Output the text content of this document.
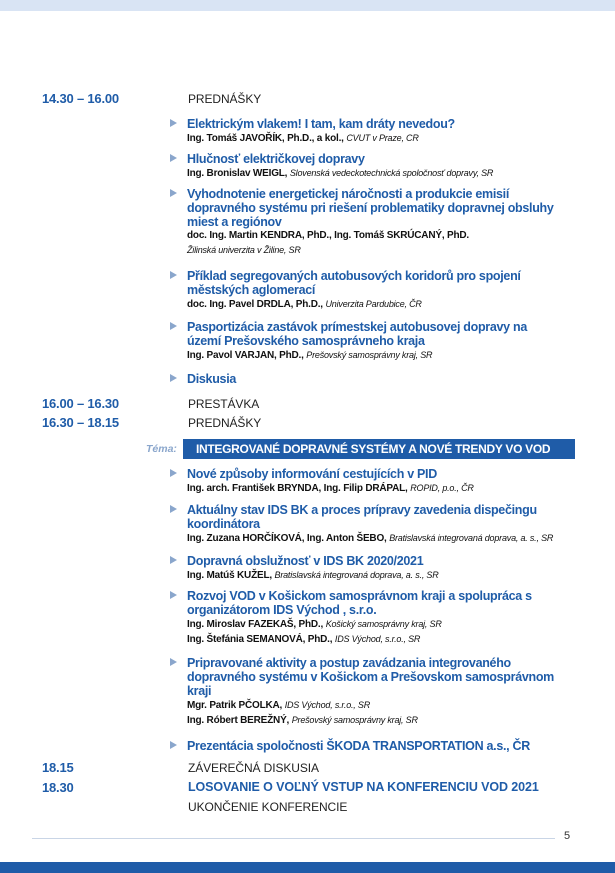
14.30 – 16.00	PREDNÁŠKY
Elektrickým vlakem! I tam, kam dráty nevedou?
Ing. Tomáš JAVOŘÍK, Ph.D., a kol., CVUT v Praze, CR
Hlučnosť električkovej dopravy
Ing. Bronislav WEIGL, Slovenská vedeckotechnická spoločnosť dopravy, SR
Vyhodnotenie energetickej náročnosti a produkcie emisií dopravného systému pri riešení problematiky dopravnej obsluhy miest a regiónov
doc. Ing. Martin KENDRA, PhD., Ing. Tomáš SKRÚCANÝ, PhD.
Žilinská univerzita v Žiline, SR
Příklad segregovaných autobusových koridorů pro spojení městských aglomerací
doc. Ing. Pavel DRDLA, Ph.D., Univerzita Pardubice, ČR
Pasportizácia zastávok prímestskej autobusovej dopravy na území Prešovského samosprávneho kraja
Ing. Pavol VARJAN, PhD., Prešovský samosprávny kraj, SR
Diskusia
16.00 – 16.30	PRESTÁVKA
16.30 – 18.15	PREDNÁŠKY
Téma: INTEGROVANÉ DOPRAVNÉ SYSTÉMY A NOVÉ TRENDY VO VOD
Nové způsoby informování cestujících v PID
Ing. arch. František BRYNDA, Ing. Filip DRÁPAL, ROPID, p.o., ČR
Aktuálny stav IDS BK a proces prípravy zavedenia dispečingu koordinátora
Ing. Zuzana HORČÍKOVÁ, Ing. Anton ŠEBO, Bratislavská integrovaná doprava, a. s., SR
Dopravná obslužnosť v IDS BK 2020/2021
Ing. Matúš KUŽEL, Bratislavská integrovaná doprava, a. s., SR
Rozvoj VOD v Košickom samosprávnom kraji a spolupráca s organizátorom IDS Východ , s.r.o.
Ing. Miroslav FAZEKAŠ, PhD., Košický samosprávny kraj, SR
Ing. Štefánia SEMANOVÁ, PhD., IDS Východ, s.r.o., SR
Pripravované aktivity a postup zavádzania integrovaného dopravného systému v Košickom a Prešovskom samosprávnom kraji
Mgr. Patrik PČOLKA, IDS Východ, s.r.o., SR
Ing. Róbert BEREŽNÝ, Prešovský samosprávny kraj, SR
Prezentácia spoločnosti ŠKODA TRANSPORTATION a.s., ČR
18.15	ZÁVEREČNÁ DISKUSIA
18.30	LOSOVANIE O VOĽNÝ VSTUP NA KONFERENCIU VOD 2021
UKONČENIE KONFERENCIE
5
